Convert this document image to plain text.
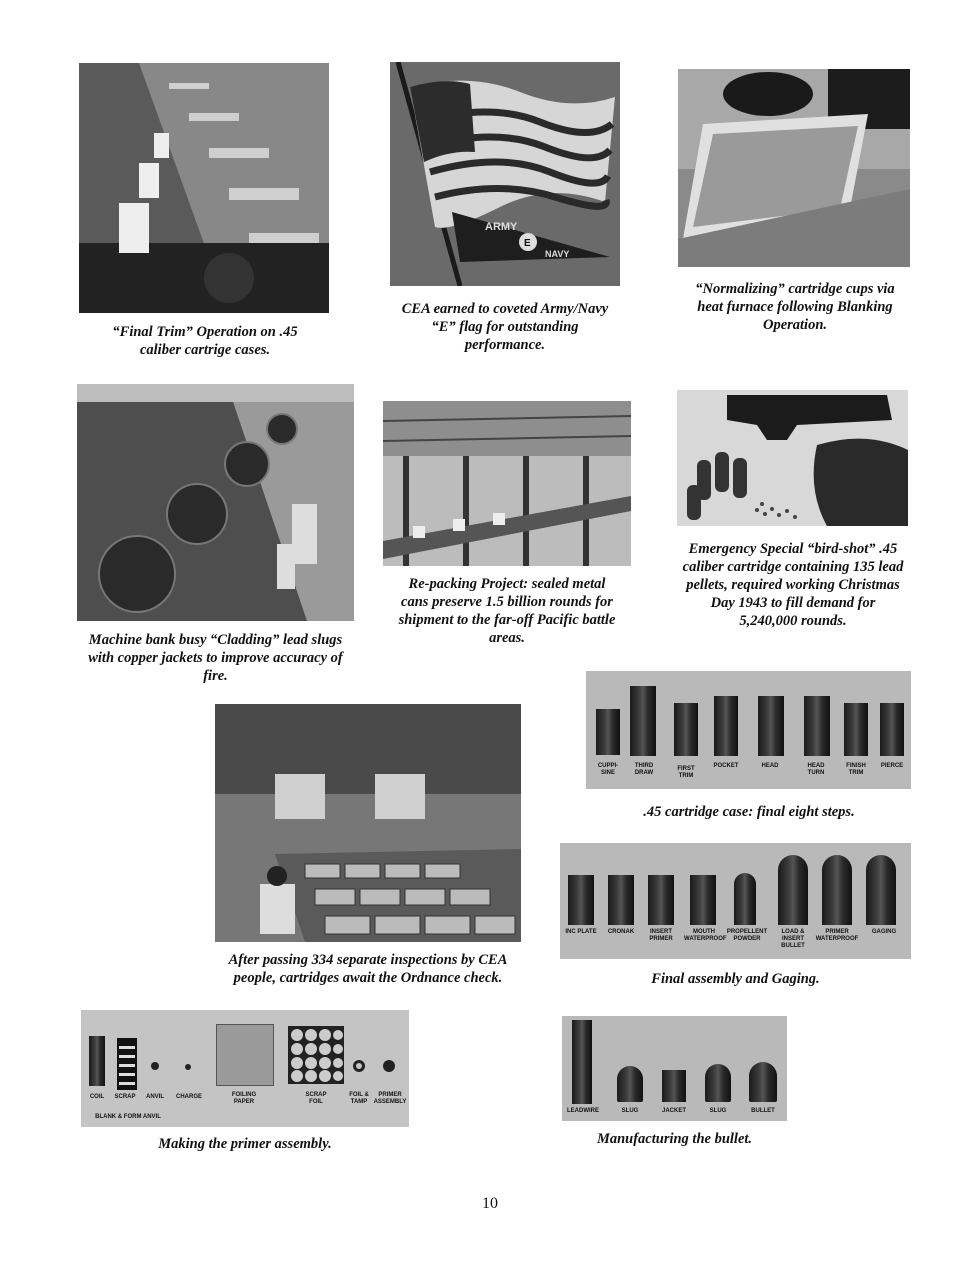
“Final Trim” Operation on .45

caliber cartrige cases.

ARMY
E
NAVY

CEA earned to coveted Army/Navy

“E” flag for outstanding

performance.

“Normalizing” cartridge cups via

heat furnace following Blanking

Operation.

Machine bank busy “Cladding” lead slugs

with copper jackets to improve accuracy of

fire.

Re-packing Project: sealed metal

cans preserve 1.5 billion rounds for

shipment to the far-off Pacific battle

areas.

Emergency Special “bird-shot” .45

caliber cartridge containing 135 lead

pellets, required working Christmas

Day 1943 to fill demand for

5,240,000 rounds.

After passing 334 separate inspections by CEA

people, cartridges await the Ordnance check.

CUPPI-
SINE
THIRD
DRAW
FIRST
TRIM
POCKET	HEAD	HEAD
TURN
FINISH
TRIM
PIERCE

.45 cartridge case: final eight steps.

INC PLATE	CRONAK	INSERT
PRIMER
MOUTH
WATERPROOF
PROPELLENT
POWDER
LOAD &
INSERT
BULLET
PRIMER
WATERPROOF
GAGING

Final assembly and Gaging.

COIL	SCRAP	ANVIL	CHARGE	FOILING
PAPER
SCRAP
FOIL
FOIL &
TAMP
PRIMER
ASSEMBLY
BLANK & FORM ANVIL

Making the primer assembly.

LEADWIRE	SLUG	JACKET	SLUG	BULLET

Manufacturing the bullet.

10
